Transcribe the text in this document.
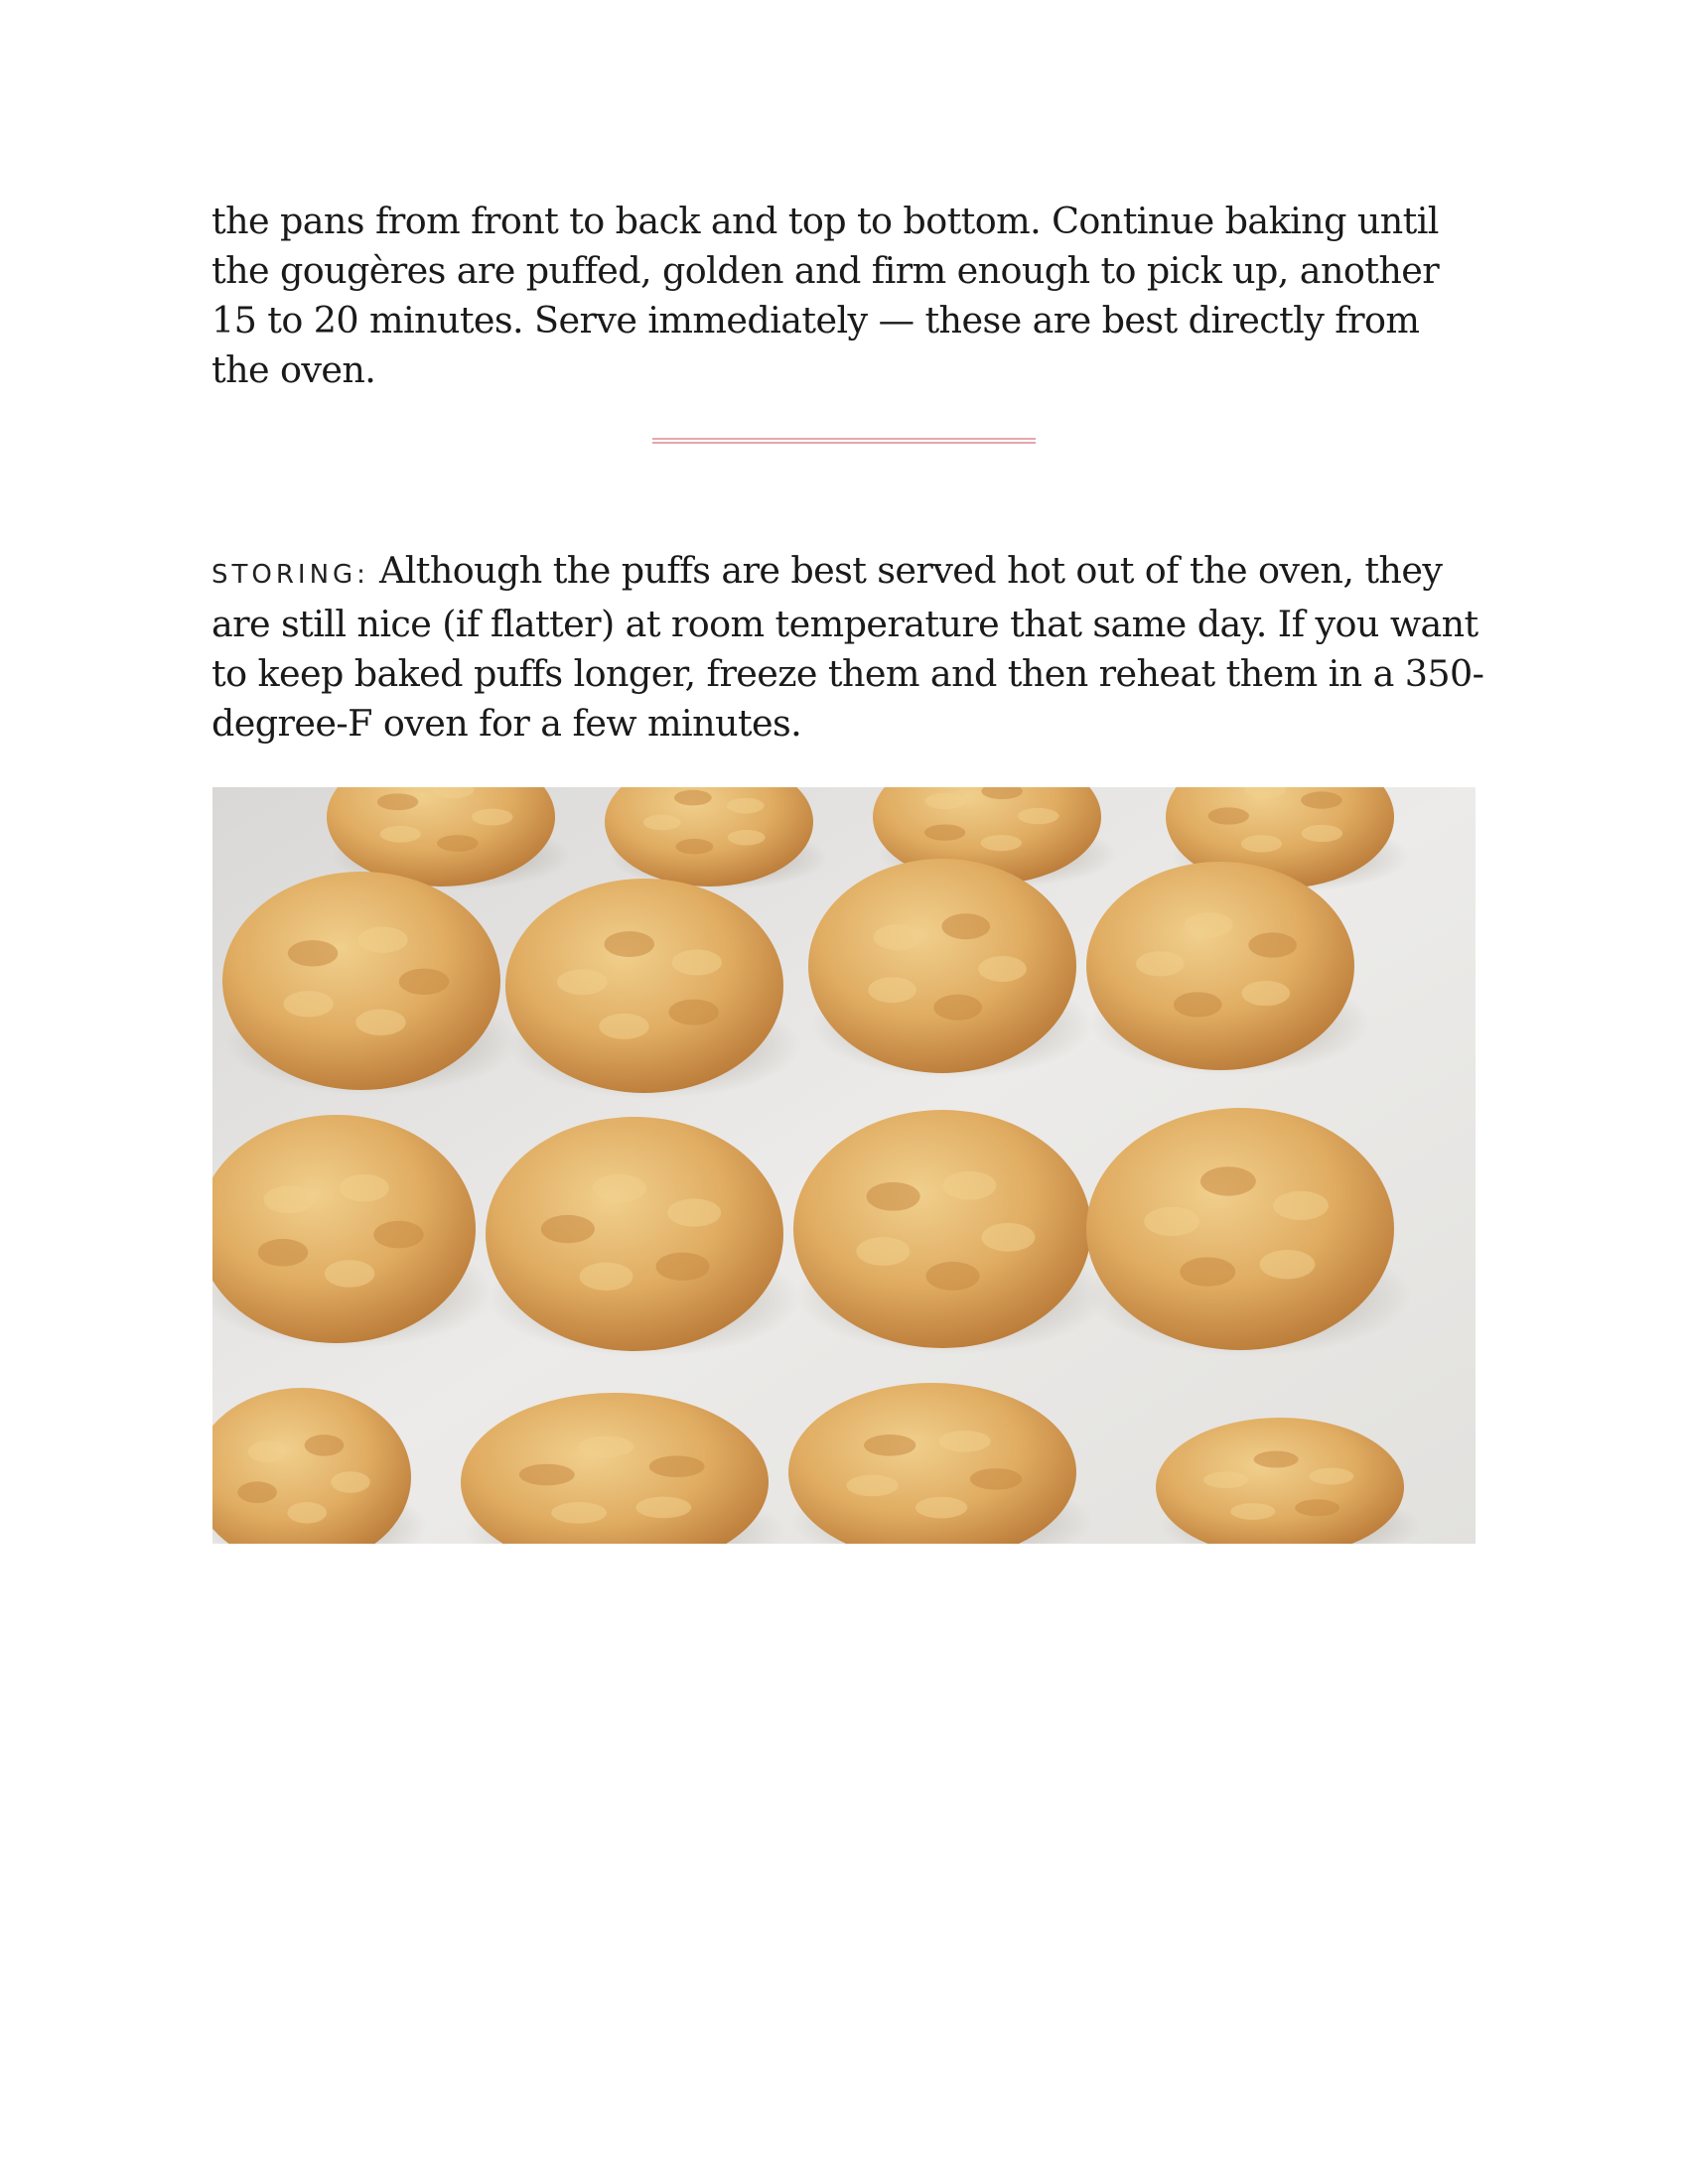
the pans from front to back and top to bottom. Continue baking until the gougères are puffed, golden and firm enough to pick up, another 15 to 20 minutes. Serve immediately — these are best directly from the oven.

STORING: Although the puffs are best served hot out of the oven, they are still nice (if flatter) at room temperature that same day. If you want to keep baked puffs longer, freeze them and then reheat them in a 350-degree-F oven for a few minutes.
